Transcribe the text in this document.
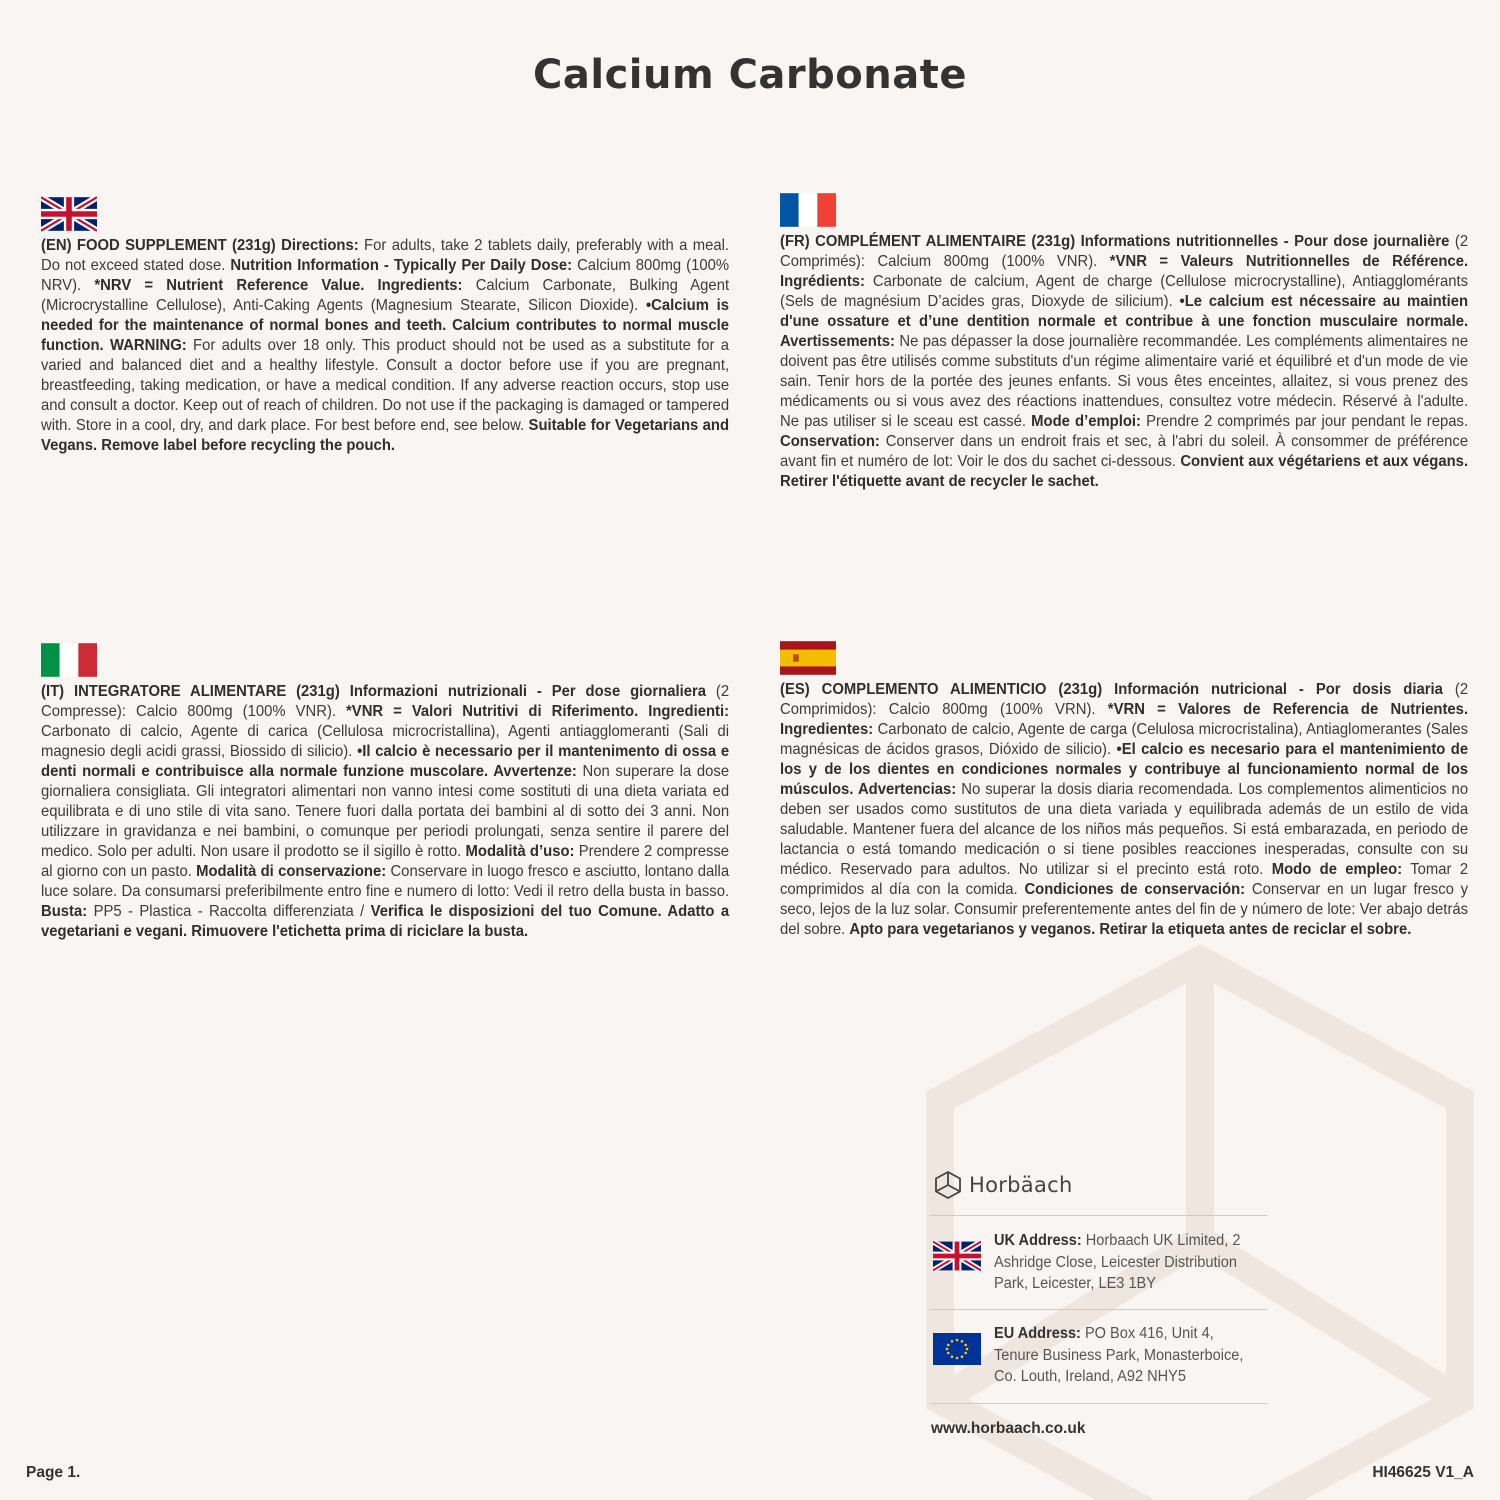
Calcium Carbonate

(EN) FOOD SUPPLEMENT (231g) Directions: For adults, take 2 tablets daily, preferably with a meal. Do not exceed stated dose. Nutrition Information - Typically Per Daily Dose: Calcium 800mg (100% NRV). *NRV = Nutrient Reference Value. Ingredients: Calcium Carbonate, Bulking Agent (Microcrystalline Cellulose), Anti-Caking Agents (Magnesium Stearate, Silicon Dioxide). •Calcium is needed for the maintenance of normal bones and teeth. Calcium contributes to normal muscle function. WARNING: For adults over 18 only. This product should not be used as a substitute for a varied and balanced diet and a healthy lifestyle. Consult a doctor before use if you are pregnant, breastfeeding, taking medication, or have a medical condition. If any adverse reaction occurs, stop use and consult a doctor. Keep out of reach of children. Do not use if the packaging is damaged or tampered with. Store in a cool, dry, and dark place. For best before end, see below. Suitable for Vegetarians and Vegans. Remove label before recycling the pouch.

(FR) COMPLÉMENT ALIMENTAIRE (231g) Informations nutritionnelles - Pour dose journalière (2 Comprimés): Calcium 800mg (100% VNR). *VNR = Valeurs Nutritionnelles de Référence. Ingrédients: Carbonate de calcium, Agent de charge (Cellulose microcrystalline), Antiagglomérants (Sels de magnésium D’acides gras, Dioxyde de silicium). •Le calcium est nécessaire au maintien d'une ossature et d’une dentition normale et contribue à une fonction musculaire normale. Avertissements: Ne pas dépasser la dose journalière recommandée. Les compléments alimentaires ne doivent pas être utilisés comme substituts d'un régime alimentaire varié et équilibré et d'un mode de vie sain. Tenir hors de la portée des jeunes enfants. Si vous êtes enceintes, allaitez, si vous prenez des médicaments ou si vous avez des réactions inattendues, consultez votre médecin. Réservé à l'adulte. Ne pas utiliser si le sceau est cassé. Mode d’emploi: Prendre 2 comprimés par jour pendant le repas. Conservation: Conserver dans un endroit frais et sec, à l'abri du soleil. À consommer de préférence avant fin et numéro de lot: Voir le dos du sachet ci-dessous. Convient aux végétariens et aux végans. Retirer l'étiquette avant de recycler le sachet.

(IT) INTEGRATORE ALIMENTARE (231g) Informazioni nutrizionali - Per dose giornaliera (2 Compresse): Calcio 800mg (100% VNR). *VNR = Valori Nutritivi di Riferimento. Ingredienti: Carbonato di calcio, Agente di carica (Cellulosa microcristallina), Agenti antiagglomeranti (Sali di magnesio degli acidi grassi, Biossido di silicio). •Il calcio è necessario per il mantenimento di ossa e denti normali e contribuisce alla normale funzione muscolare. Avvertenze: Non superare la dose giornaliera consigliata. Gli integratori alimentari non vanno intesi come sostituti di una dieta variata ed equilibrata e di uno stile di vita sano. Tenere fuori dalla portata dei bambini al di sotto dei 3 anni. Non utilizzare in gravidanza e nei bambini, o comunque per periodi prolungati, senza sentire il parere del medico. Solo per adulti. Non usare il prodotto se il sigillo è rotto. Modalità d’uso: Prendere 2 compresse al giorno con un pasto. Modalità di conservazione: Conservare in luogo fresco e asciutto, lontano dalla luce solare. Da consumarsi preferibilmente entro fine e numero di lotto: Vedi il retro della busta in basso. Busta: PP5 - Plastica - Raccolta differenziata / Verifica le disposizioni del tuo Comune. Adatto a vegetariani e vegani. Rimuovere l'etichetta prima di riciclare la busta.

(ES) COMPLEMENTO ALIMENTICIO (231g) Información nutricional - Por dosis diaria (2 Comprimidos): Calcio 800mg (100% VRN). *VRN = Valores de Referencia de Nutrientes. Ingredientes: Carbonato de calcio, Agente de carga (Celulosa microcristalina), Antiaglomerantes (Sales magnésicas de ácidos grasos, Dióxido de silicio). •El calcio es necesario para el mantenimiento de los y de los dientes en condiciones normales y contribuye al funcionamiento normal de los músculos. Advertencias: No superar la dosis diaria recomendada. Los complementos alimenticios no deben ser usados como sustitutos de una dieta variada y equilibrada además de un estilo de vida saludable. Mantener fuera del alcance de los niños más pequeños. Si está embarazada, en periodo de lactancia o está tomando medicación o si tiene posibles reacciones inesperadas, consulte con su médico. Reservado para adultos. No utilizar si el precinto está roto. Modo de empleo: Tomar 2 comprimidos al día con la comida. Condiciones de conservación: Conservar en un lugar fresco y seco, lejos de la luz solar. Consumir preferentemente antes del fin de y número de lote: Ver abajo detrás del sobre. Apto para vegetarianos y veganos. Retirar la etiqueta antes de reciclar el sobre.

Horbäach
UK Address: Horbaach UK Limited, 2 Ashridge Close, Leicester Distribution Park, Leicester, LE3 1BY
EU Address: PO Box 416, Unit 4, Tenure Business Park, Monasterboice, Co. Louth, Ireland, A92 NHY5
www.horbaach.co.uk
Page 1.	HI46625 V1_A
